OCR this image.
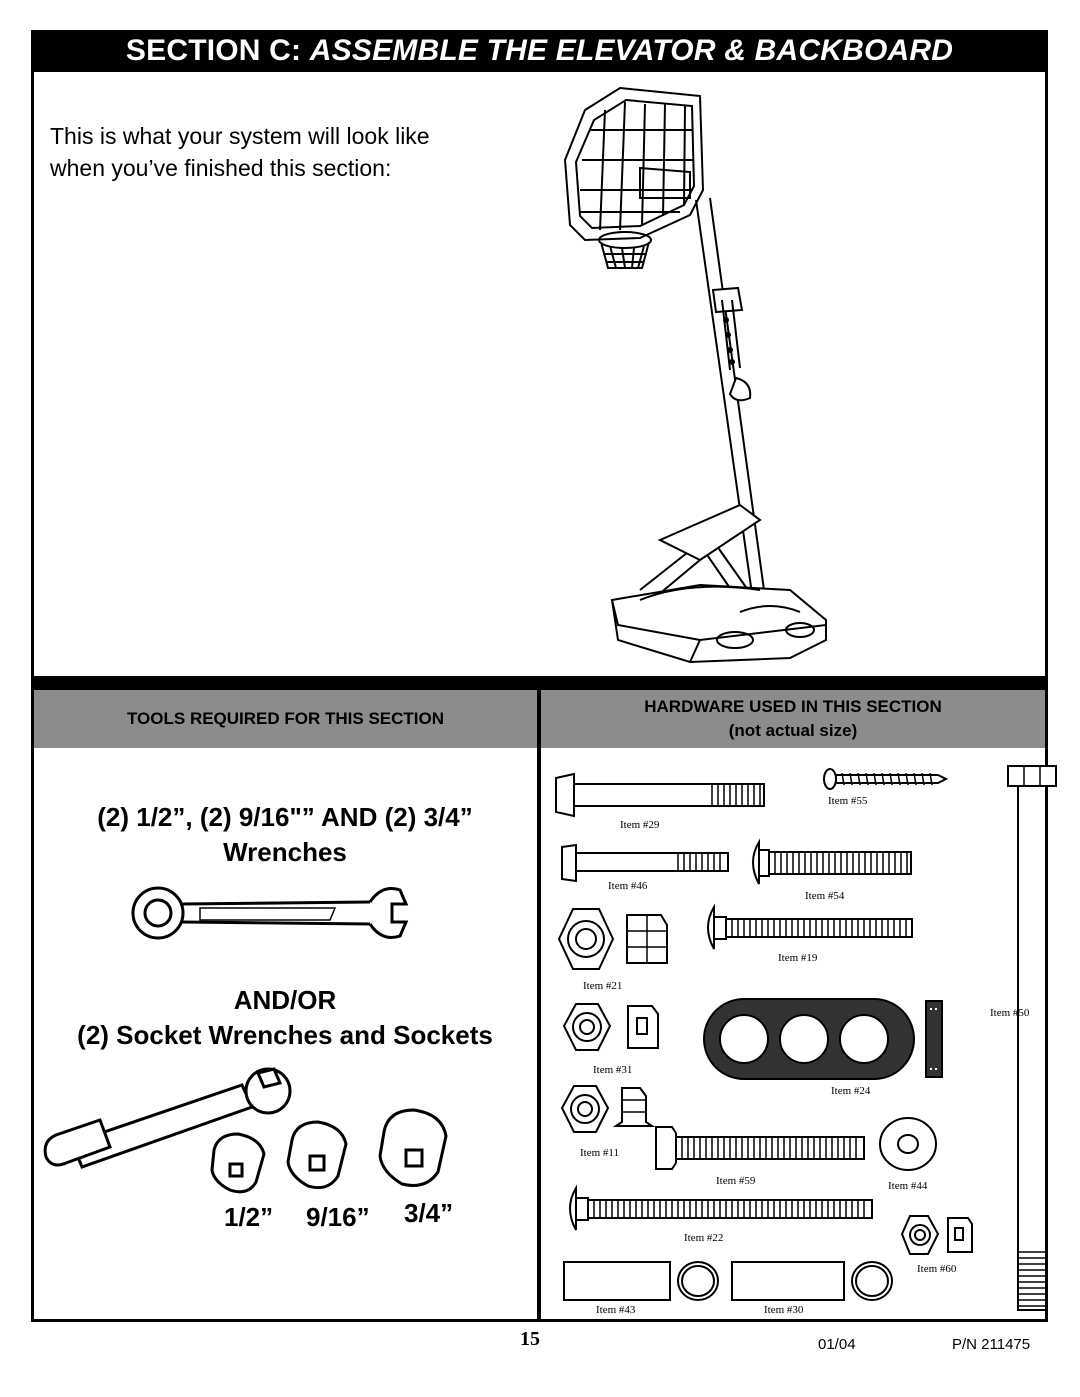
SECTION C: ASSEMBLE THE ELEVATOR & BACKBOARD
This is what your system will look like
when you’ve finished this section:
TOOLS REQUIRED FOR THIS SECTION
HARDWARE USED IN THIS SECTION
(not actual size)
(2) 1/2”, (2) 9/16"” AND (2) 3/4”
Wrenches
AND/OR
(2) Socket Wrenches and Sockets
1/2” 9/16” 3/4”
Item #29
Item #55
Item #50
Item #46
Item #54
Item #21
Item #19
Item #31
Item #24
Item #11
Item #59	Item #44
Item #22
Item #60
Item #43	Item #30
15	01/04	P/N 211475
